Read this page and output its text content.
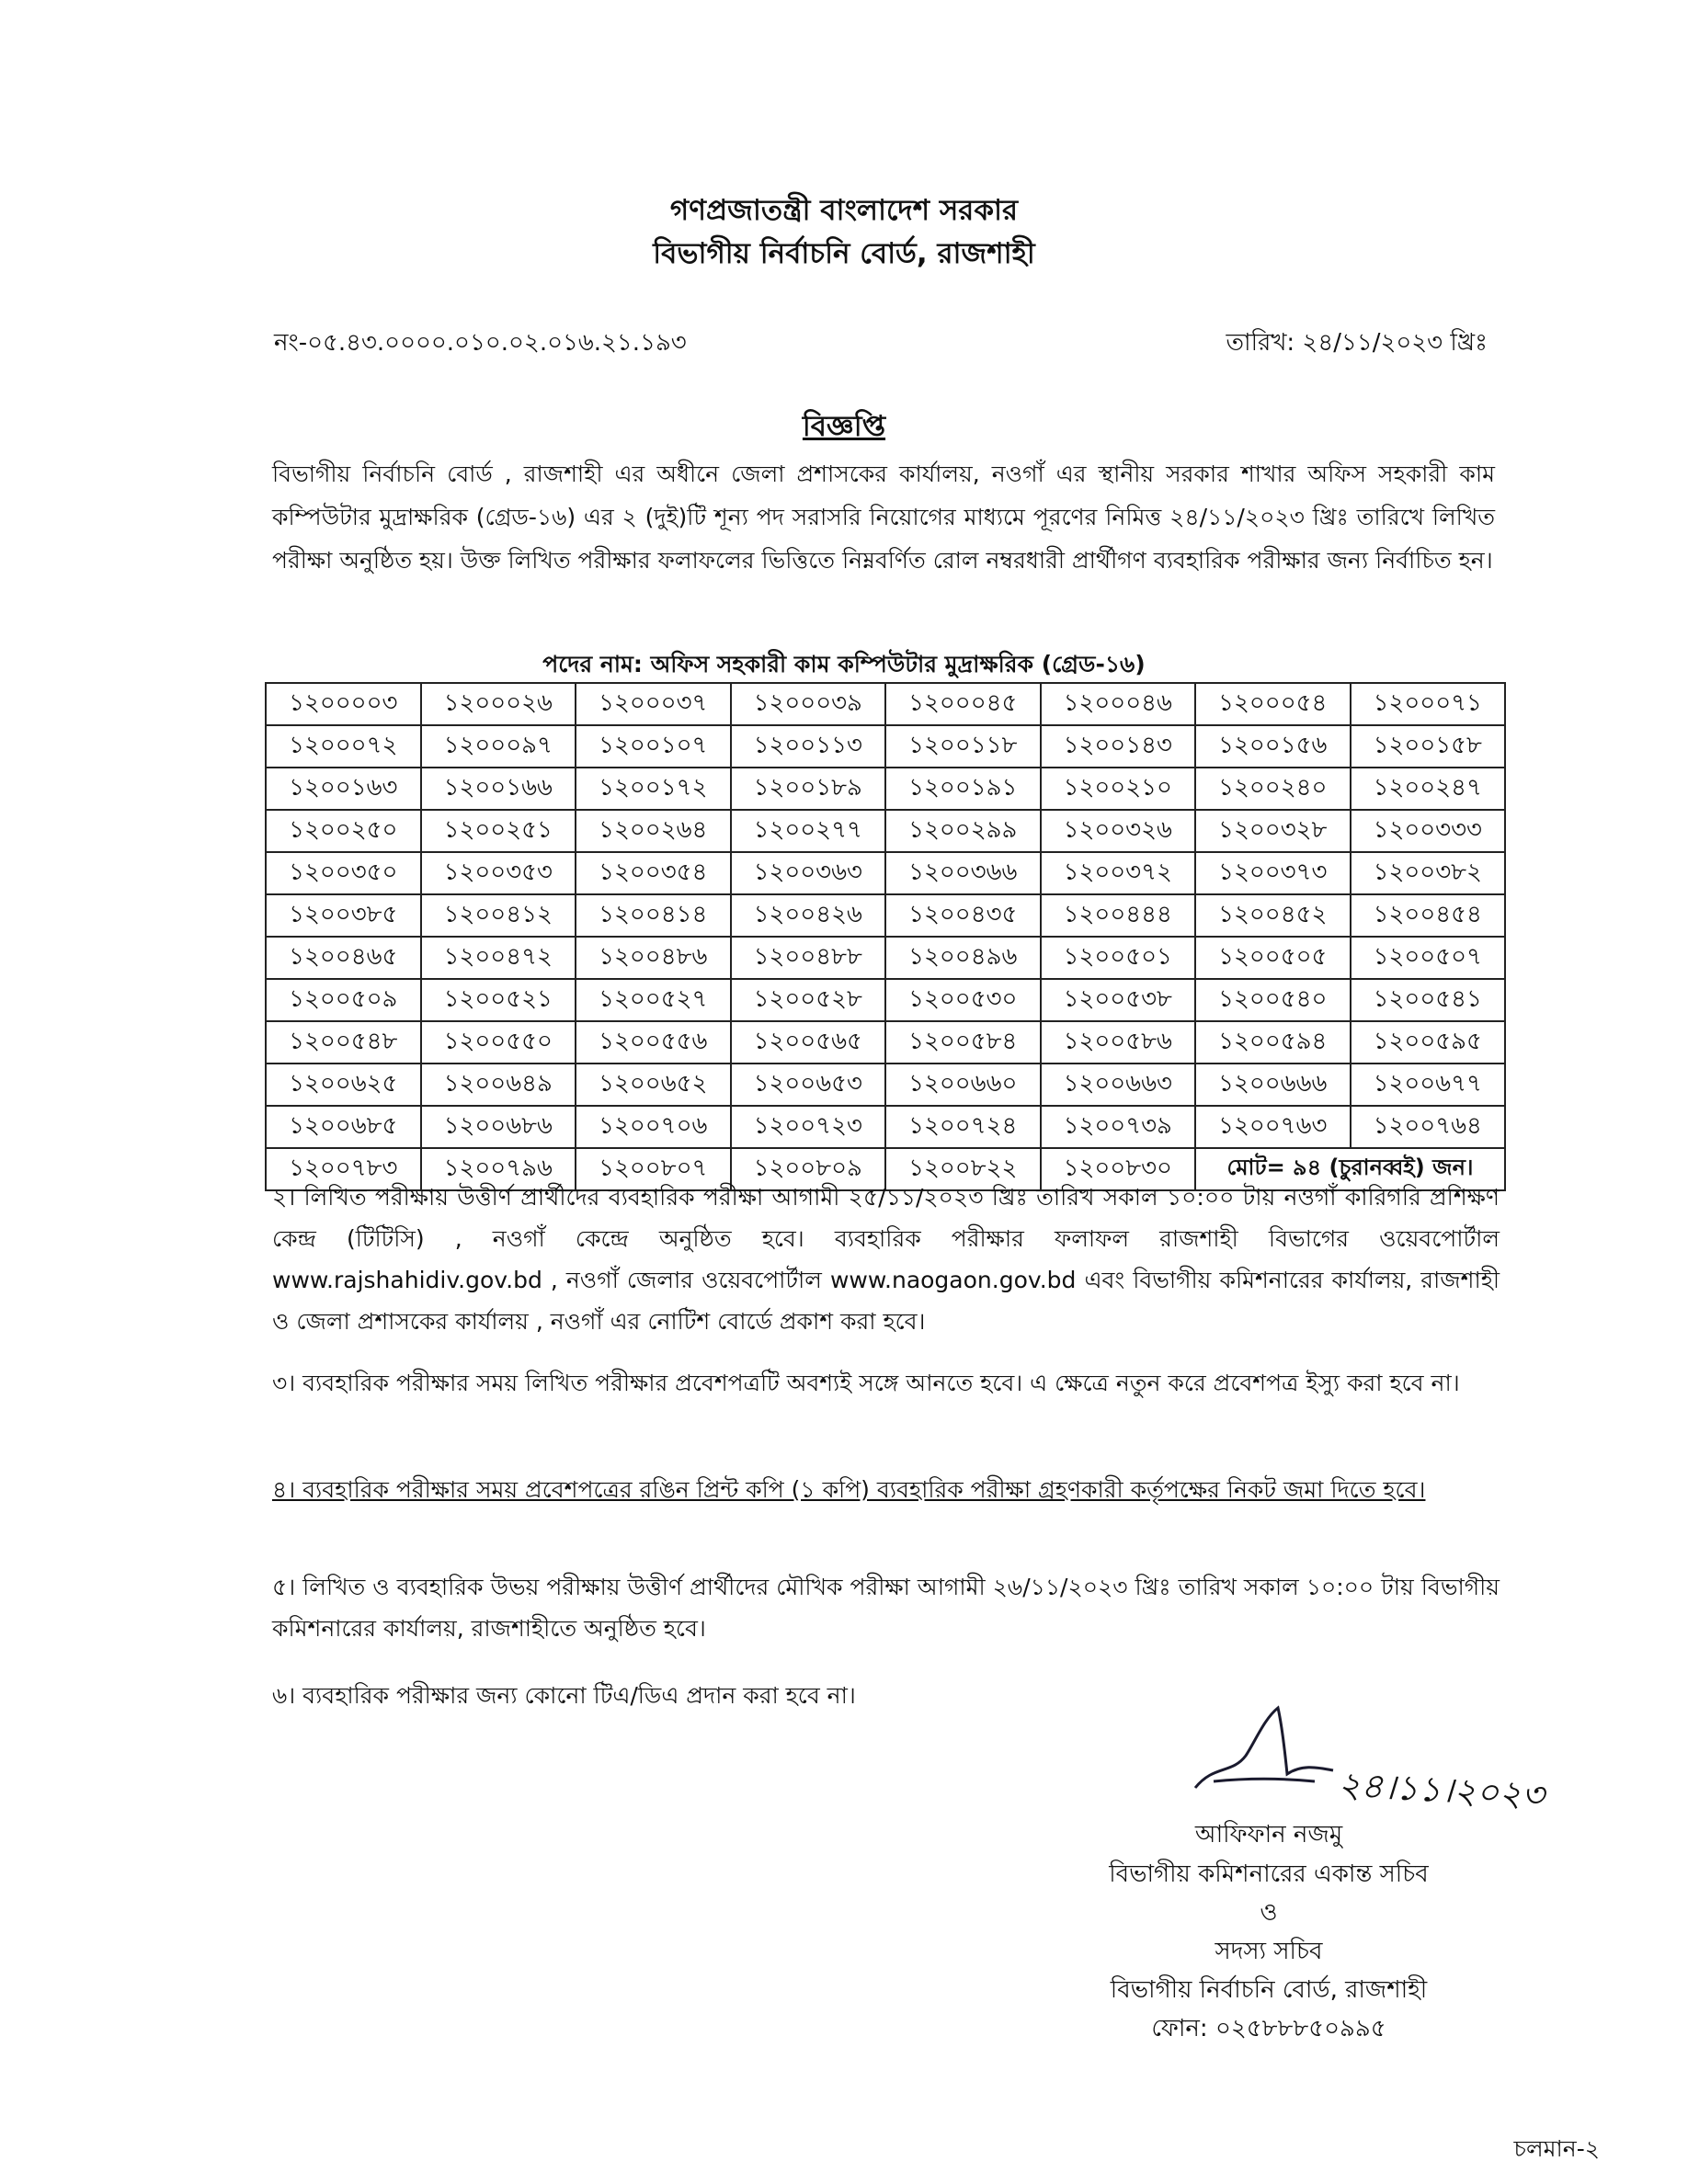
গণপ্রজাতন্ত্রী বাংলাদেশ সরকার
বিভাগীয় নির্বাচনি বোর্ড, রাজশাহী
নং-০৫.৪৩.০০০০.০১০.০২.০১৬.২১.১৯৩	তারিখ: ২৪/১১/২০২৩ খ্রিঃ
বিজ্ঞপ্তি
বিভাগীয় নির্বাচনি বোর্ড , রাজশাহী এর অধীনে জেলা প্রশাসকের কার্যালয়, নওগাঁ এর স্থানীয় সরকার শাখার অফিস সহকারী কাম কম্পিউটার মুদ্রাক্ষরিক (গ্রেড-১৬) এর ২ (দুই)টি শূন্য পদ সরাসরি নিয়োগের মাধ্যমে পূরণের নিমিত্ত ২৪/১১/২০২৩ খ্রিঃ তারিখে লিখিত পরীক্ষা অনুষ্ঠিত হয়। উক্ত লিখিত পরীক্ষার ফলাফলের ভিত্তিতে নিম্নবর্ণিত রোল নম্বরধারী প্রার্থীগণ ব্যবহারিক পরীক্ষার জন্য নির্বাচিত হন।
পদের নাম: অফিস সহকারী কাম কম্পিউটার মুদ্রাক্ষরিক (গ্রেড-১৬)
১২০০০০৩	১২০০০২৬	১২০০০৩৭	১২০০০৩৯	১২০০০৪৫	১২০০০৪৬	১২০০০৫৪	১২০০০৭১
১২০০০৭২	১২০০০৯৭	১২০০১০৭	১২০০১১৩	১২০০১১৮	১২০০১৪৩	১২০০১৫৬	১২০০১৫৮
১২০০১৬৩	১২০০১৬৬	১২০০১৭২	১২০০১৮৯	১২০০১৯১	১২০০২১০	১২০০২৪০	১২০০২৪৭
১২০০২৫০	১২০০২৫১	১২০০২৬৪	১২০০২৭৭	১২০০২৯৯	১২০০৩২৬	১২০০৩২৮	১২০০৩৩৩
১২০০৩৫০	১২০০৩৫৩	১২০০৩৫৪	১২০০৩৬৩	১২০০৩৬৬	১২০০৩৭২	১২০০৩৭৩	১২০০৩৮২
১২০০৩৮৫	১২০০৪১২	১২০০৪১৪	১২০০৪২৬	১২০০৪৩৫	১২০০৪৪৪	১২০০৪৫২	১২০০৪৫৪
১২০০৪৬৫	১২০০৪৭২	১২০০৪৮৬	১২০০৪৮৮	১২০০৪৯৬	১২০০৫০১	১২০০৫০৫	১২০০৫০৭
১২০০৫০৯	১২০০৫২১	১২০০৫২৭	১২০০৫২৮	১২০০৫৩০	১২০০৫৩৮	১২০০৫৪০	১২০০৫৪১
১২০০৫৪৮	১২০০৫৫০	১২০০৫৫৬	১২০০৫৬৫	১২০০৫৮৪	১২০০৫৮৬	১২০০৫৯৪	১২০০৫৯৫
১২০০৬২৫	১২০০৬৪৯	১২০০৬৫২	১২০০৬৫৩	১২০০৬৬০	১২০০৬৬৩	১২০০৬৬৬	১২০০৬৭৭
১২০০৬৮৫	১২০০৬৮৬	১২০০৭০৬	১২০০৭২৩	১২০০৭২৪	১২০০৭৩৯	১২০০৭৬৩	১২০০৭৬৪
১২০০৭৮৩	১২০০৭৯৬	১২০০৮০৭	১২০০৮০৯	১২০০৮২২	১২০০৮৩০	মোট= ৯৪ (চুরানব্বই) জন।	
২। লিখিত পরীক্ষায় উত্তীর্ণ প্রার্থীদের ব্যবহারিক পরীক্ষা আগামী ২৫/১১/২০২৩ খ্রিঃ তারিখ সকাল ১০:০০ টায় নওগাঁ কারিগরি প্রশিক্ষণ কেন্দ্র (টিটিসি) , নওগাঁ কেন্দ্রে অনুষ্ঠিত হবে। ব্যবহারিক পরীক্ষার ফলাফল রাজশাহী বিভাগের ওয়েবপোর্টাল www.rajshahidiv.gov.bd , নওগাঁ জেলার ওয়েবপোর্টাল www.naogaon.gov.bd এবং বিভাগীয় কমিশনারের কার্যালয়, রাজশাহী ও জেলা প্রশাসকের কার্যালয় , নওগাঁ এর নোটিশ বোর্ডে প্রকাশ করা হবে।
৩। ব্যবহারিক পরীক্ষার সময় লিখিত পরীক্ষার প্রবেশপত্রটি অবশ্যই সঙ্গে আনতে হবে। এ ক্ষেত্রে নতুন করে প্রবেশপত্র ইস্যু করা হবে না।
৪। ব্যবহারিক পরীক্ষার সময় প্রবেশপত্রের রঙিন প্রিন্ট কপি (১ কপি) ব্যবহারিক পরীক্ষা গ্রহণকারী কর্তৃপক্ষের নিকট জমা দিতে হবে।
৫। লিখিত ও ব্যবহারিক উভয় পরীক্ষায় উত্তীর্ণ প্রার্থীদের মৌখিক পরীক্ষা আগামী ২৬/১১/২০২৩ খ্রিঃ তারিখ সকাল ১০:০০ টায় বিভাগীয় কমিশনারের কার্যালয়, রাজশাহীতে অনুষ্ঠিত হবে।
৬। ব্যবহারিক পরীক্ষার জন্য কোনো টিএ/ডিএ প্রদান করা হবে না।
২৪।১১।২০২৩
আফিফান নজমু
বিভাগীয় কমিশনারের একান্ত সচিব
ও
সদস্য সচিব
বিভাগীয় নির্বাচনি বোর্ড, রাজশাহী
ফোন: ০২৫৮৮৮৫০৯৯৫
চলমান-২
